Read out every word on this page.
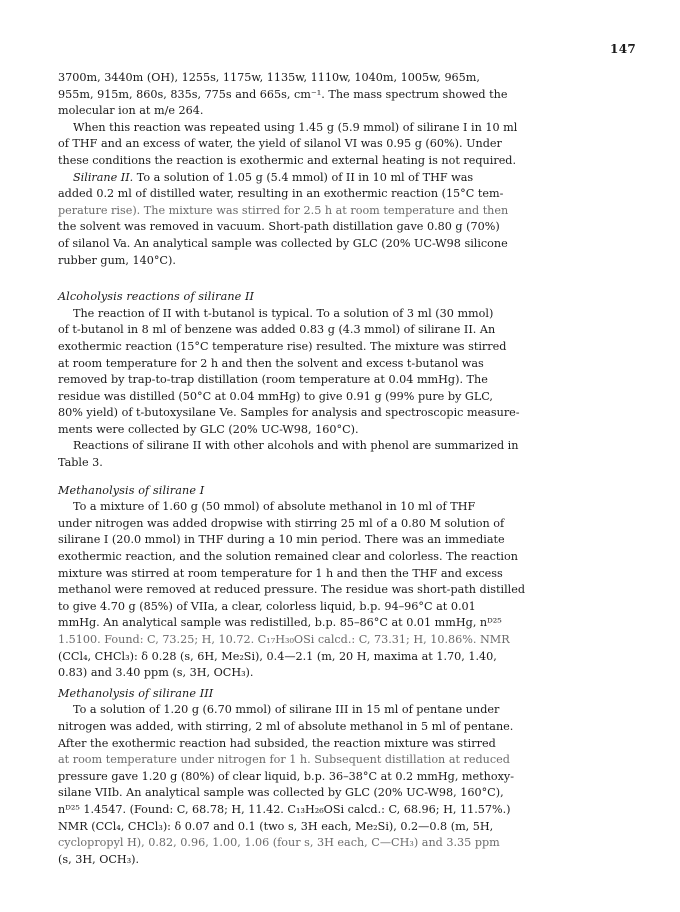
147

3700m, 3440m (OH), 1255s, 1175w, 1135w, 1110w, 1040m, 1005w, 965m,
955m, 915m, 860s, 835s, 775s and 665s, cm⁻¹. The mass spectrum showed the
molecular ion at m/e 264.

When this reaction was repeated using 1.45 g (5.9 mmol) of silirane I in 10 ml
of THF and an excess of water, the yield of silanol VI was 0.95 g (60%). Under
these conditions the reaction is exothermic and external heating is not required.

Silirane II. To a solution of 1.05 g (5.4 mmol) of II in 10 ml of THF was
added 0.2 ml of distilled water, resulting in an exothermic reaction (15°C tem-
perature rise). The mixture was stirred for 2.5 h at room temperature and then
the solvent was removed in vacuum. Short-path distillation gave 0.80 g (70%)
of silanol Va. An analytical sample was collected by GLC (20% UC-W98 silicone
rubber gum, 140°C).

Alcoholysis reactions of silirane II

The reaction of II with t-butanol is typical. To a solution of 3 ml (30 mmol)
of t-butanol in 8 ml of benzene was added 0.83 g (4.3 mmol) of silirane II. An
exothermic reaction (15°C temperature rise) resulted. The mixture was stirred
at room temperature for 2 h and then the solvent and excess t-butanol was
removed by trap-to-trap distillation (room temperature at 0.04 mmHg). The
residue was distilled (50°C at 0.04 mmHg) to give 0.91 g (99% pure by GLC,
80% yield) of t-butoxysilane Ve. Samples for analysis and spectroscopic measure-
ments were collected by GLC (20% UC-W98, 160°C).

Reactions of silirane II with other alcohols and with phenol are summarized in
Table 3.

Methanolysis of silirane I

To a mixture of 1.60 g (50 mmol) of absolute methanol in 10 ml of THF
under nitrogen was added dropwise with stirring 25 ml of a 0.80 M solution of
silirane I (20.0 mmol) in THF during a 10 min period. There was an immediate
exothermic reaction, and the solution remained clear and colorless. The reaction
mixture was stirred at room temperature for 1 h and then the THF and excess
methanol were removed at reduced pressure. The residue was short-path distilled
to give 4.70 g (85%) of VIIa, a clear, colorless liquid, b.p. 94–96°C at 0.01
mmHg. An analytical sample was redistilled, b.p. 85–86°C at 0.01 mmHg, nᴰ²⁵
1.5100. Found: C, 73.25; H, 10.72. C₁₇H₃₀OSi calcd.: C, 73.31; H, 10.86%. NMR
(CCl₄, CHCl₃): δ 0.28 (s, 6H, Me₂Si), 0.4—2.1 (m, 20 H, maxima at 1.70, 1.40,
0.83) and 3.40 ppm (s, 3H, OCH₃).

Methanolysis of silirane III

To a solution of 1.20 g (6.70 mmol) of silirane III in 15 ml of pentane under
nitrogen was added, with stirring, 2 ml of absolute methanol in 5 ml of pentane.
After the exothermic reaction had subsided, the reaction mixture was stirred
at room temperature under nitrogen for 1 h. Subsequent distillation at reduced
pressure gave 1.20 g (80%) of clear liquid, b.p. 36–38°C at 0.2 mmHg, methoxy-
silane VIIb. An analytical sample was collected by GLC (20% UC-W98, 160°C),
nᴰ²⁵ 1.4547. (Found: C, 68.78; H, 11.42. C₁₃H₂₆OSi calcd.: C, 68.96; H, 11.57%.)
NMR (CCl₄, CHCl₃): δ 0.07 and 0.1 (two s, 3H each, Me₂Si), 0.2—0.8 (m, 5H,
cyclopropyl H), 0.82, 0.96, 1.00, 1.06 (four s, 3H each, C—CH₃) and 3.35 ppm
(s, 3H, OCH₃).
